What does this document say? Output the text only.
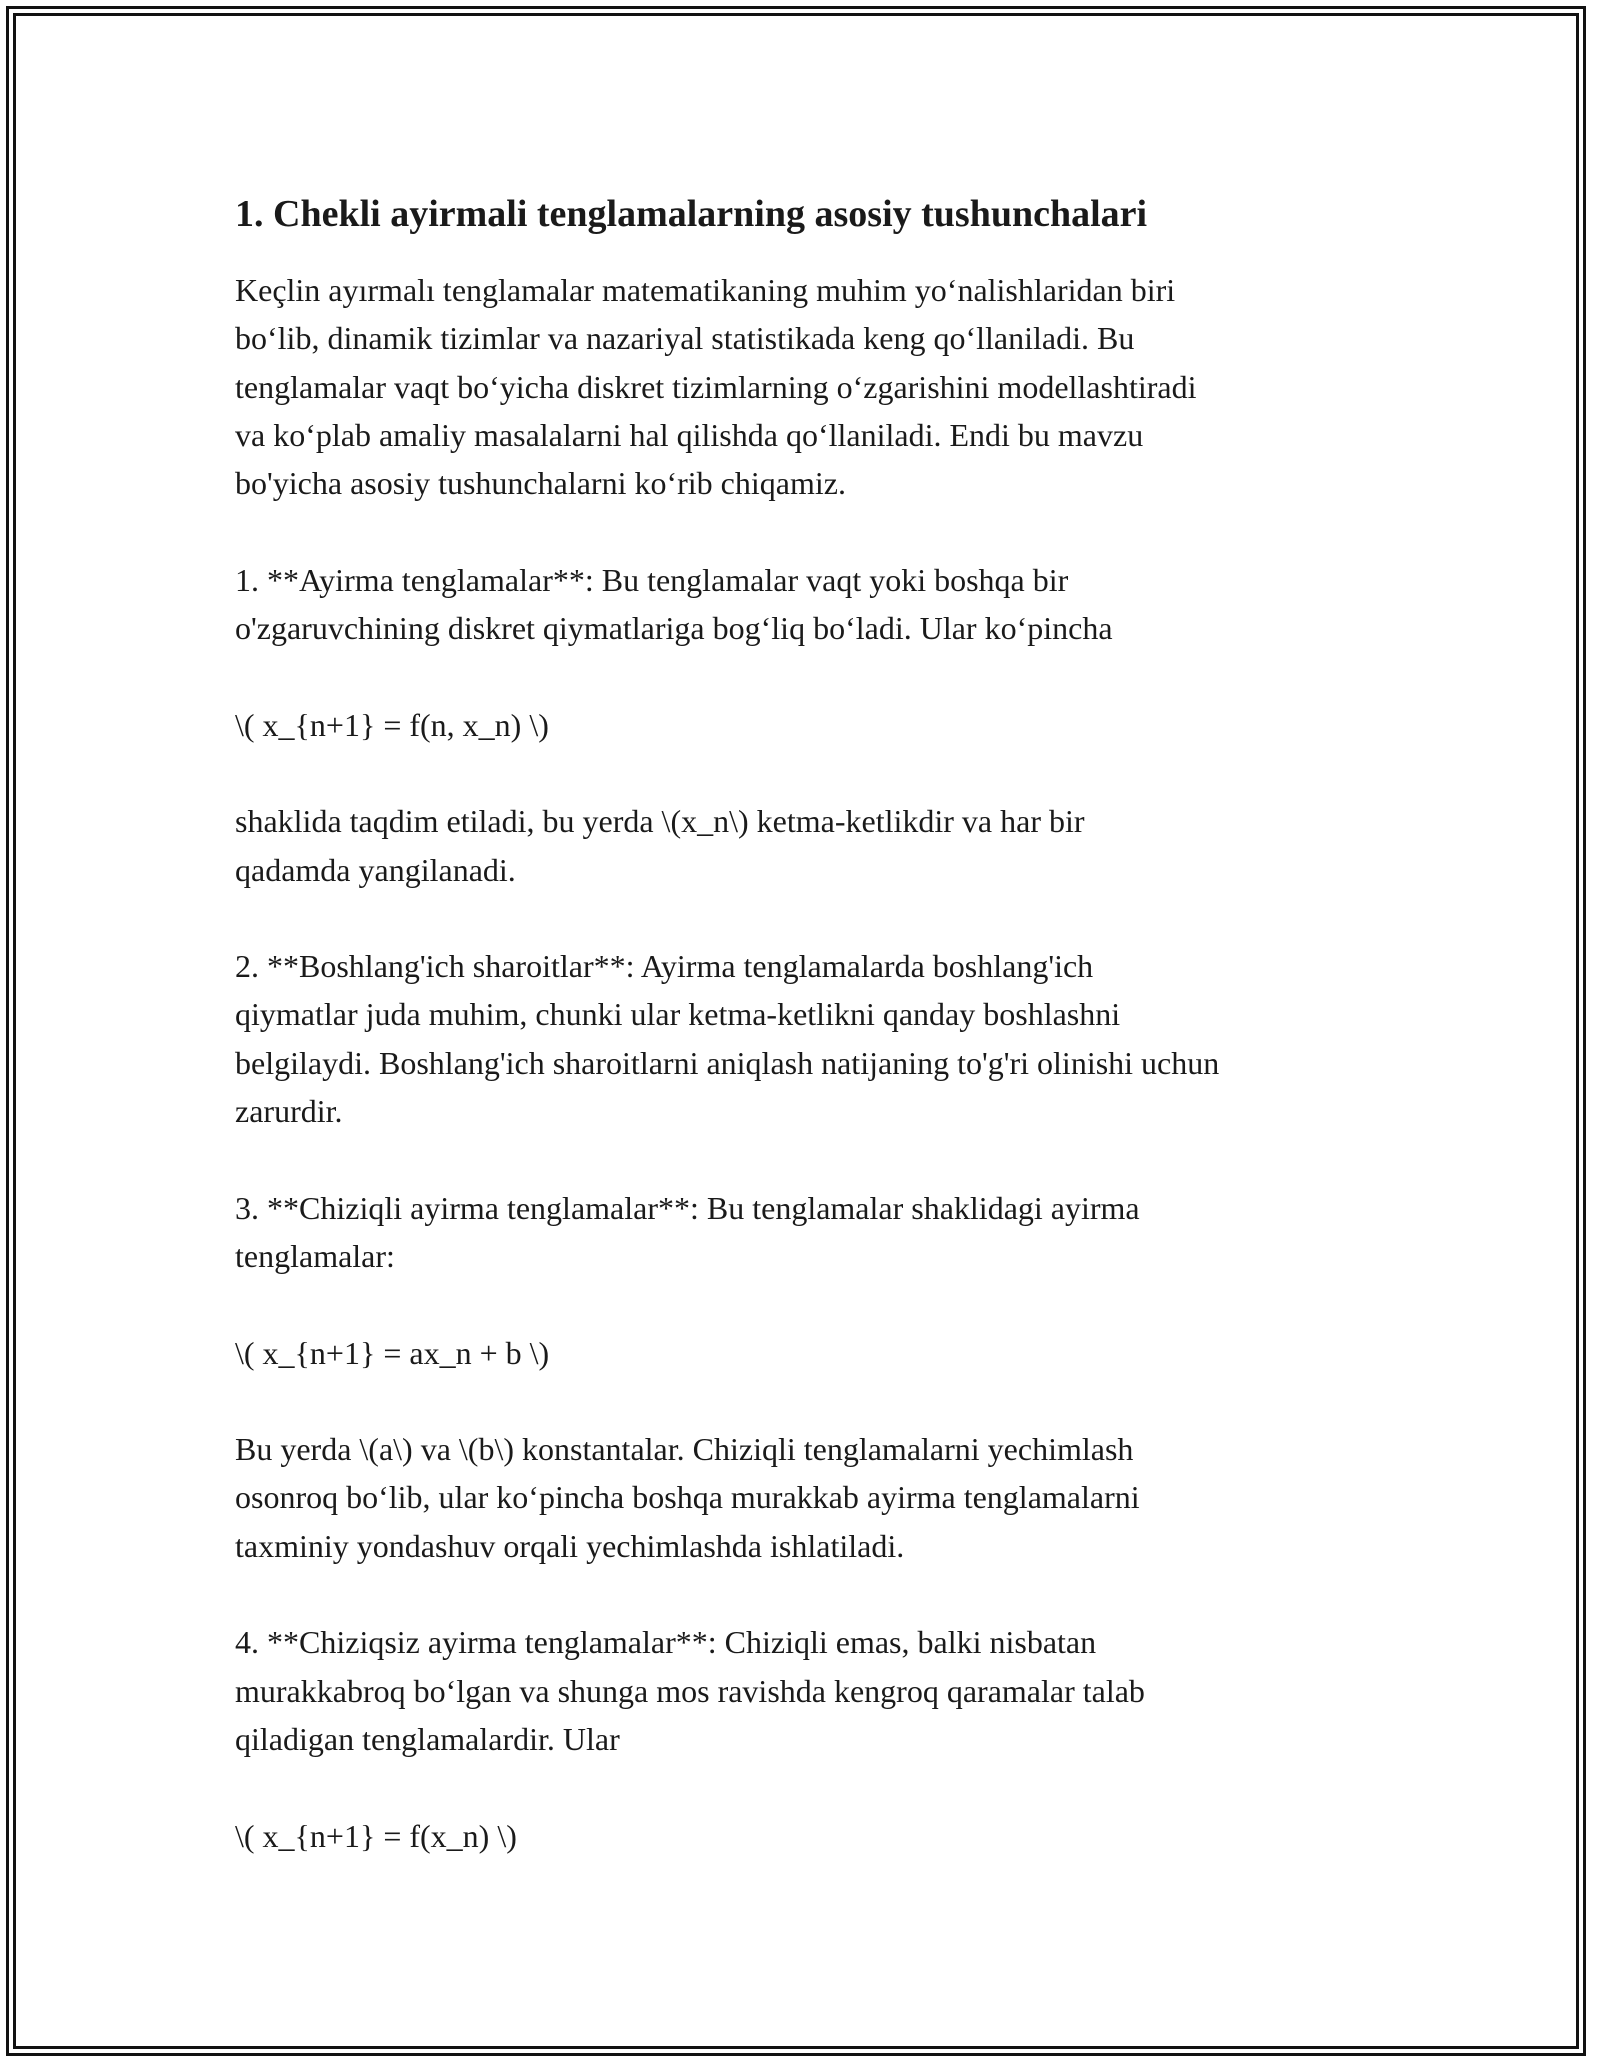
1. Chekli ayirmali tenglamalarning asosiy tushunchalari

Keçlin ayırmalı tenglamalar matematikaning muhim yo‘nalishlaridan biri
bo‘lib, dinamik tizimlar va nazariyal statistikada keng qo‘llaniladi. Bu
tenglamalar vaqt bo‘yicha diskret tizimlarning o‘zgarishini modellashtiradi
va ko‘plab amaliy masalalarni hal qilishda qo‘llaniladi. Endi bu mavzu
bo'yicha asosiy tushunchalarni ko‘rib chiqamiz.

1. **Ayirma tenglamalar**: Bu tenglamalar vaqt yoki boshqa bir
o'zgaruvchining diskret qiymatlariga bog‘liq bo‘ladi. Ular ko‘pincha

\( x_{n+1} = f(n, x_n) \)

shaklida taqdim etiladi, bu yerda \(x_n\) ketma-ketlikdir va har bir
qadamda yangilanadi.

2. **Boshlang'ich sharoitlar**: Ayirma tenglamalarda boshlang'ich
qiymatlar juda muhim, chunki ular ketma-ketlikni qanday boshlashni
belgilaydi. Boshlang'ich sharoitlarni aniqlash natijaning to'g'ri olinishi uchun
zarurdir.

3. **Chiziqli ayirma tenglamalar**: Bu tenglamalar shaklidagi ayirma
tenglamalar:

\( x_{n+1} = ax_n + b \)

Bu yerda \(a\) va \(b\) konstantalar. Chiziqli tenglamalarni yechimlash
osonroq bo‘lib, ular ko‘pincha boshqa murakkab ayirma tenglamalarni
taxminiy yondashuv orqali yechimlashda ishlatiladi.

4. **Chiziqsiz ayirma tenglamalar**: Chiziqli emas, balki nisbatan
murakkabroq bo‘lgan va shunga mos ravishda kengroq qaramalar talab
qiladigan tenglamalardir. Ular

\( x_{n+1} = f(x_n) \)
